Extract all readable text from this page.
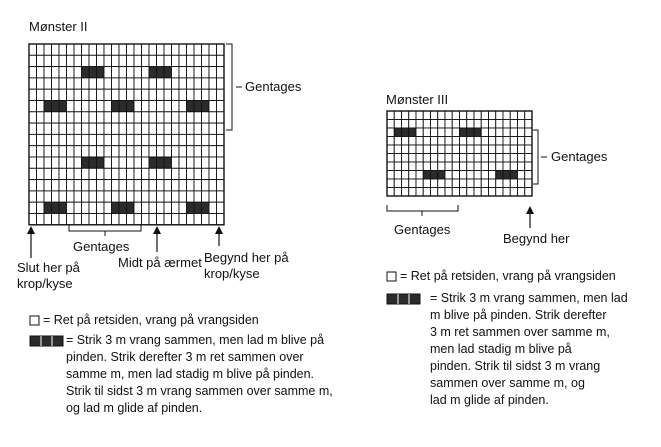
Mønster II
Gentages
Gentages
Slut her på
krop/kyse
Midt på ærmet Begynd her på
krop/kyse
= Ret på retsiden, vrang på vrangsiden
= Strik 3 m vrang sammen, men lad m blive på
pinden. Strik derefter 3 m ret sammen over
samme m, men lad stadig m blive på pinden.
Strik til sidst 3 m vrang sammen over samme m,
og lad m glide af pinden.
Mønster III
Gentages
Gentages
Begynd her
= Ret på retsiden, vrang på vrangsiden
= Strik 3 m vrang sammen, men lad
m blive på pinden. Strik derefter
3 m ret sammen over samme m,
men lad stadig m blive på
pinden. Strik til sidst 3 m vrang
sammen over samme m, og
lad m glide af pinden.
